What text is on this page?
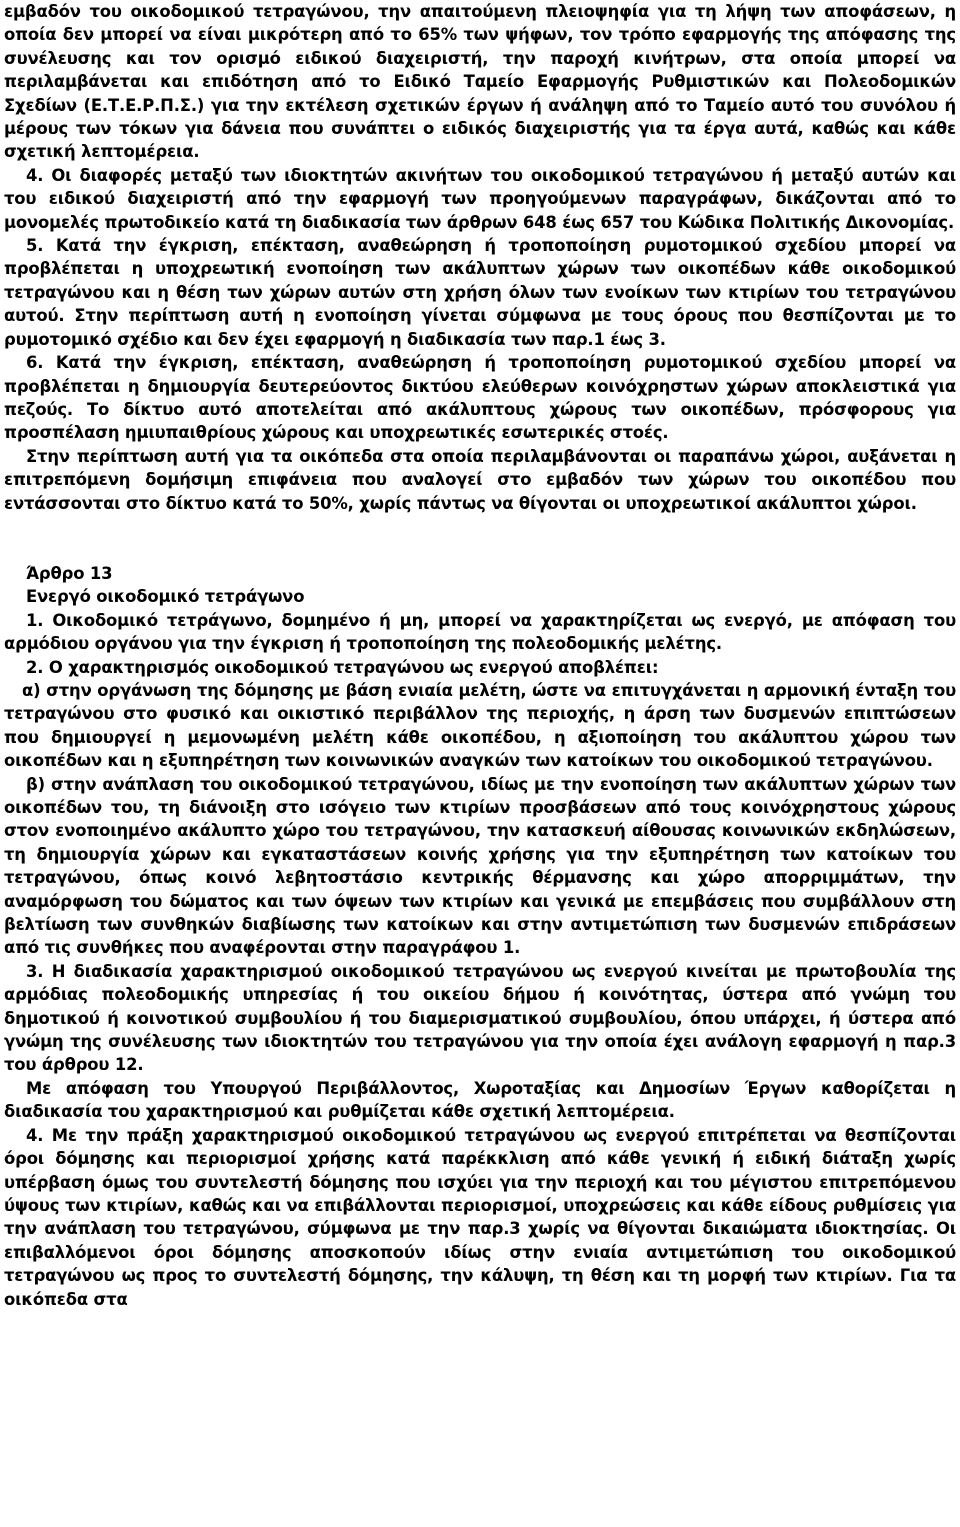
εμβαδόν του οικοδομικού τετραγώνου, την απαιτούμενη πλειοψηφία για τη λήψη των αποφάσεων, η οποία δεν μπορεί να είναι μικρότερη από το 65% των ψήφων, τον τρόπο εφαρμογής της απόφασης της συνέλευσης και τον ορισμό ειδικού διαχειριστή, την παροχή κινήτρων, στα οποία μπορεί να περιλαμβάνεται και επιδότηση από το Ειδικό Ταμείο Εφαρμογής Ρυθμιστικών και Πολεοδομικών Σχεδίων (Ε.Τ.Ε.Ρ.Π.Σ.) για την εκτέλεση σχετικών έργων ή ανάληψη από το Ταμείο αυτό του συνόλου ή μέρους των τόκων για δάνεια που συνάπτει ο ειδικός διαχειριστής για τα έργα αυτά, καθώς και κάθε σχετική λεπτομέρεια.

4. Οι διαφορές μεταξύ των ιδιοκτητών ακινήτων του οικοδομικού τετραγώνου ή μεταξύ αυτών και του ειδικού διαχειριστή από την εφαρμογή των προηγούμενων παραγράφων, δικάζονται από το μονομελές πρωτοδικείο κατά τη διαδικασία των άρθρων 648 έως 657 του Κώδικα Πολιτικής Δικονομίας.

5. Κατά την έγκριση, επέκταση, αναθεώρηση ή τροποποίηση ρυμοτομικού σχεδίου μπορεί να προβλέπεται η υποχρεωτική ενοποίηση των ακάλυπτων χώρων των οικοπέδων κάθε οικοδομικού τετραγώνου και η θέση των χώρων αυτών στη χρήση όλων των ενοίκων των κτιρίων του τετραγώνου αυτού. Στην περίπτωση αυτή η ενοποίηση γίνεται σύμφωνα με τους όρους που θεσπίζονται με το ρυμοτομικό σχέδιο και δεν έχει εφαρμογή η διαδικασία των παρ.1 έως 3.

6. Κατά την έγκριση, επέκταση, αναθεώρηση ή τροποποίηση ρυμοτομικού σχεδίου μπορεί να προβλέπεται η δημιουργία δευτερεύοντος δικτύου ελεύθερων κοινόχρηστων χώρων αποκλειστικά για πεζούς. Το δίκτυο αυτό αποτελείται από ακάλυπτους χώρους των οικοπέδων, πρόσφορους για προσπέλαση ημιυπαιθρίους χώρους και υποχρεωτικές εσωτερικές στοές.

Στην περίπτωση αυτή για τα οικόπεδα στα οποία περιλαμβάνονται οι παραπάνω χώροι, αυξάνεται η επιτρεπόμενη δομήσιμη επιφάνεια που αναλογεί στο εμβαδόν των χώρων του οικοπέδου που εντάσσονται στο δίκτυο κατά το 50%, χωρίς πάντως να θίγονται οι υποχρεωτικοί ακάλυπτοι χώροι.

Άρθρο 13

Ενεργό οικοδομικό τετράγωνο

1. Οικοδομικό τετράγωνο, δομημένο ή μη, μπορεί να χαρακτηρίζεται ως ενεργό, με απόφαση του αρμόδιου οργάνου για την έγκριση ή τροποποίηση της πολεοδομικής μελέτης.

2. Ο χαρακτηρισμός οικοδομικού τετραγώνου ως ενεργού αποβλέπει:

α) στην οργάνωση της δόμησης με βάση ενιαία μελέτη, ώστε να επιτυγχάνεται η αρμονική ένταξη του τετραγώνου στο φυσικό και οικιστικό περιβάλλον της περιοχής, η άρση των δυσμενών επιπτώσεων που δημιουργεί η μεμονωμένη μελέτη κάθε οικοπέδου, η αξιοποίηση του ακάλυπτου χώρου των οικοπέδων και η εξυπηρέτηση των κοινωνικών αναγκών των κατοίκων του οικοδομικού τετραγώνου.

β) στην ανάπλαση του οικοδομικού τετραγώνου, ιδίως με την ενοποίηση των ακάλυπτων χώρων των οικοπέδων του, τη διάνοιξη στο ισόγειο των κτιρίων προσβάσεων από τους κοινόχρηστους χώρους στον ενοποιημένο ακάλυπτο χώρο του τετραγώνου, την κατασκευή αίθουσας κοινωνικών εκδηλώσεων, τη δημιουργία χώρων και εγκαταστάσεων κοινής χρήσης για την εξυπηρέτηση των κατοίκων του τετραγώνου, όπως κοινό λεβητοστάσιο κεντρικής θέρμανσης και χώρο απορριμμάτων, την αναμόρφωση του δώματος και των όψεων των κτιρίων και γενικά με επεμβάσεις που συμβάλλουν στη βελτίωση των συνθηκών διαβίωσης των κατοίκων και στην αντιμετώπιση των δυσμενών επιδράσεων από τις συνθήκες που αναφέρονται στην παραγράφου 1.

3. Η διαδικασία χαρακτηρισμού οικοδομικού τετραγώνου ως ενεργού κινείται με πρωτοβουλία της αρμόδιας πολεοδομικής υπηρεσίας ή του οικείου δήμου ή κοινότητας, ύστερα από γνώμη του δημοτικού ή κοινοτικού συμβουλίου ή του διαμερισματικού συμβουλίου, όπου υπάρχει, ή ύστερα από γνώμη της συνέλευσης των ιδιοκτητών του τετραγώνου για την οποία έχει ανάλογη εφαρμογή η παρ.3 του άρθρου 12.

Με απόφαση του Υπουργού Περιβάλλοντος, Χωροταξίας και Δημοσίων Έργων καθορίζεται η διαδικασία του χαρακτηρισμού και ρυθμίζεται κάθε σχετική λεπτομέρεια.

4. Με την πράξη χαρακτηρισμού οικοδομικού τετραγώνου ως ενεργού επιτρέπεται να θεσπίζονται όροι δόμησης και περιορισμοί χρήσης κατά παρέκκλιση από κάθε γενική ή ειδική διάταξη χωρίς υπέρβαση όμως του συντελεστή δόμησης που ισχύει για την περιοχή και του μέγιστου επιτρεπόμενου ύψους των κτιρίων, καθώς και να επιβάλλονται περιορισμοί, υποχρεώσεις και κάθε είδους ρυθμίσεις για την ανάπλαση του τετραγώνου, σύμφωνα με την παρ.3 χωρίς να θίγονται δικαιώματα ιδιοκτησίας. Οι επιβαλλόμενοι όροι δόμησης αποσκοπούν ιδίως στην ενιαία αντιμετώπιση του οικοδομικού τετραγώνου ως προς το συντελεστή δόμησης, την κάλυψη, τη θέση και τη μορφή των κτιρίων. Για τα οικόπεδα στα
